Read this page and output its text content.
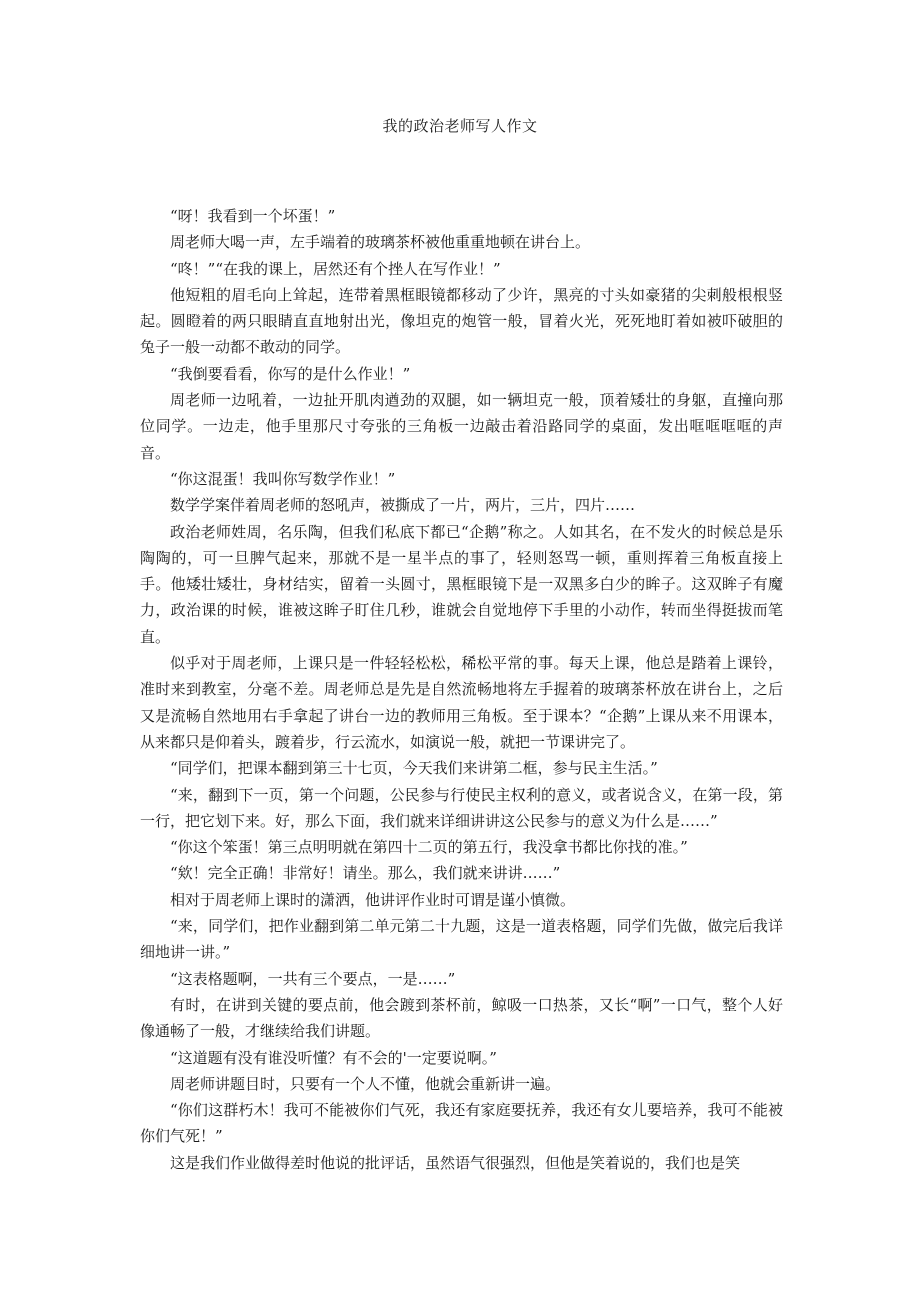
我的政治老师写人作文

“呀！我看到一个坏蛋！”

周老师大喝一声，左手端着的玻璃茶杯被他重重地顿在讲台上。

“咚！”“在我的课上，居然还有个挫人在写作业！”

他短粗的眉毛向上耸起，连带着黑框眼镜都移动了少许，黑亮的寸头如豪猪的尖刺般根根竖起。圆瞪着的两只眼睛直直地射出光，像坦克的炮管一般，冒着火光，死死地盯着如被吓破胆的兔子一般一动都不敢动的同学。

“我倒要看看，你写的是什么作业！”

周老师一边吼着，一边扯开肌肉遒劲的双腿，如一辆坦克一般，顶着矮壮的身躯，直撞向那位同学。一边走，他手里那尺寸夸张的三角板一边敲击着沿路同学的桌面，发出哐哐哐哐的声音。

“你这混蛋！我叫你写数学作业！”

数学学案伴着周老师的怒吼声，被撕成了一片，两片，三片，四片……

政治老师姓周，名乐陶，但我们私底下都已“企鹅”称之。人如其名，在不发火的时候总是乐陶陶的，可一旦脾气起来，那就不是一星半点的事了，轻则怒骂一顿，重则挥着三角板直接上手。他矮壮矮壮，身材结实，留着一头圆寸，黑框眼镜下是一双黑多白少的眸子。这双眸子有魔力，政治课的时候，谁被这眸子盯住几秒，谁就会自觉地停下手里的小动作，转而坐得挺拔而笔直。

似乎对于周老师，上课只是一件轻轻松松，稀松平常的事。每天上课，他总是踏着上课铃，准时来到教室，分毫不差。周老师总是先是自然流畅地将左手握着的玻璃茶杯放在讲台上，之后又是流畅自然地用右手拿起了讲台一边的教师用三角板。至于课本？“企鹅”上课从来不用课本，从来都只是仰着头，踱着步，行云流水，如演说一般，就把一节课讲完了。

“同学们，把课本翻到第三十七页，今天我们来讲第二框，参与民主生活。”

“来，翻到下一页，第一个问题，公民参与行使民主权利的意义，或者说含义，在第一段，第一行，把它划下来。好，那么下面，我们就来详细讲讲这公民参与的意义为什么是……”

“你这个笨蛋！第三点明明就在第四十二页的第五行，我没拿书都比你找的准。”

“欸！完全正确！非常好！请坐。那么，我们就来讲讲……”

相对于周老师上课时的潇洒，他讲评作业时可谓是谨小慎微。

“来，同学们，把作业翻到第二单元第二十九题，这是一道表格题，同学们先做，做完后我详细地讲一讲。”

“这表格题啊，一共有三个要点，一是……”

有时，在讲到关键的要点前，他会踱到茶杯前，鲸吸一口热茶，又长“啊”一口气，整个人好像通畅了一般，才继续给我们讲题。

“这道题有没有谁没听懂？有不会的'一定要说啊。”

周老师讲题目时，只要有一个人不懂，他就会重新讲一遍。

“你们这群朽木！我可不能被你们气死，我还有家庭要抚养，我还有女儿要培养，我可不能被你们气死！”

这是我们作业做得差时他说的批评话，虽然语气很强烈，但他是笑着说的，我们也是笑
